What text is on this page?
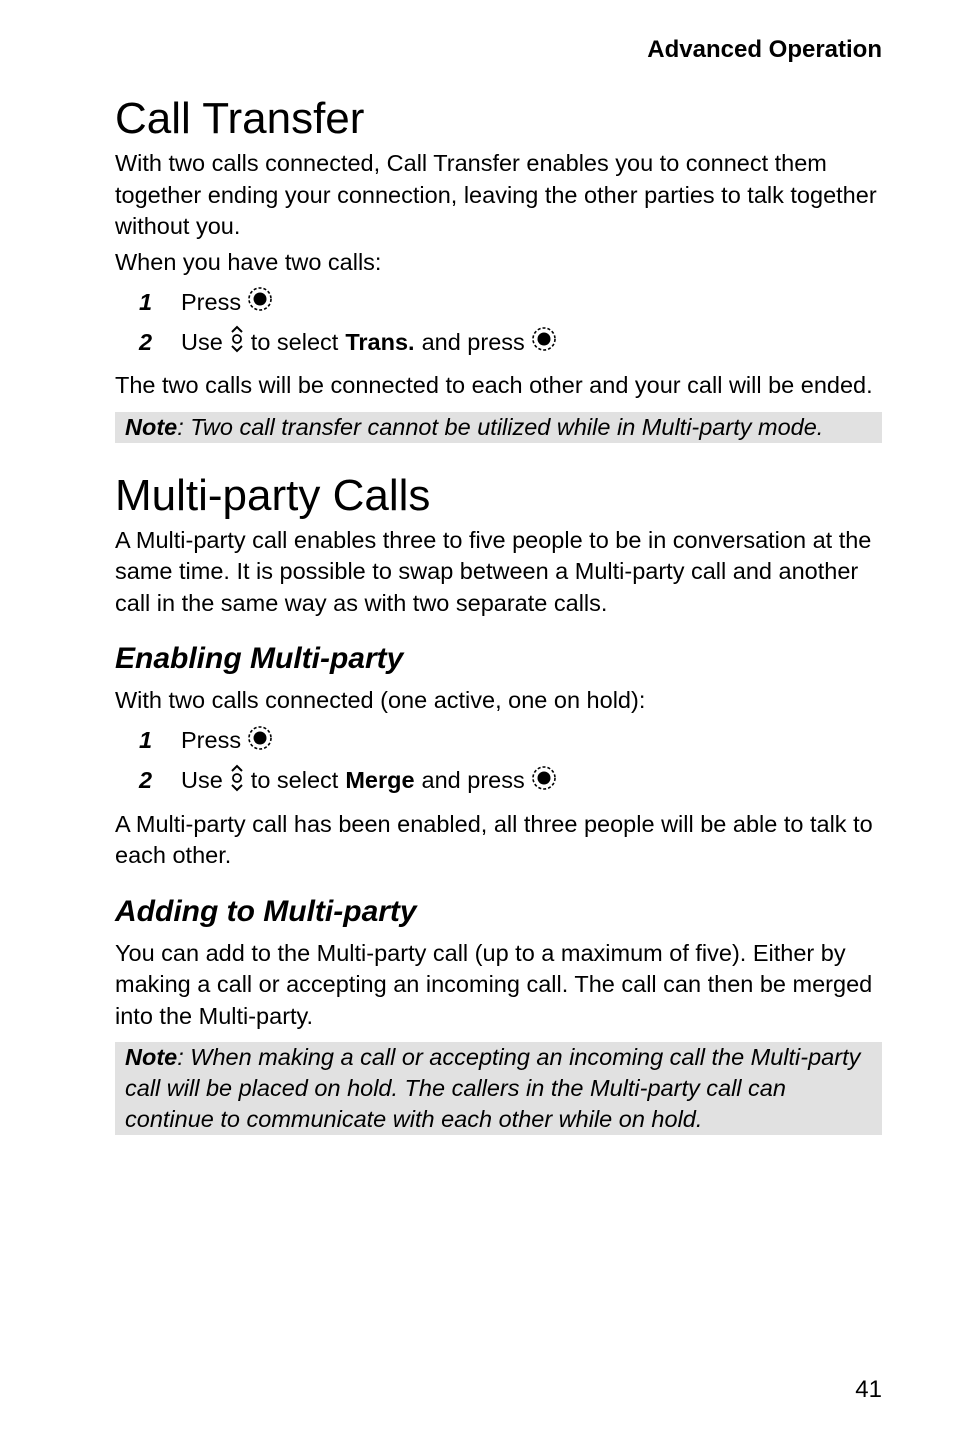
Advanced Operation
Call Transfer

With two calls connected, Call Transfer enables you to connect them together ending your connection, leaving the other parties to talk together without you.

When you have two calls:

1	Press
2	Use to select Trans. and press

The two calls will be connected to each other and your call will be ended.

Note: Two call transfer cannot be utilized while in Multi-party mode.
Multi-party Calls

A Multi-party call enables three to five people to be in conversation at the same time. It is possible to swap between a Multi-party call and another call in the same way as with two separate calls.

Enabling Multi-party

With two calls connected (one active, one on hold):

1	Press
2	Use to select Merge and press

A Multi-party call has been enabled, all three people will be able to talk to each other.

Adding to Multi-party

You can add to the Multi-party call (up to a maximum of five). Either by making a call or accepting an incoming call. The call can then be merged into the Multi-party.

Note: When making a call or accepting an incoming call the Multi-party call will be placed on hold. The callers in the Multi-party call can continue to communicate with each other while on hold.
41
